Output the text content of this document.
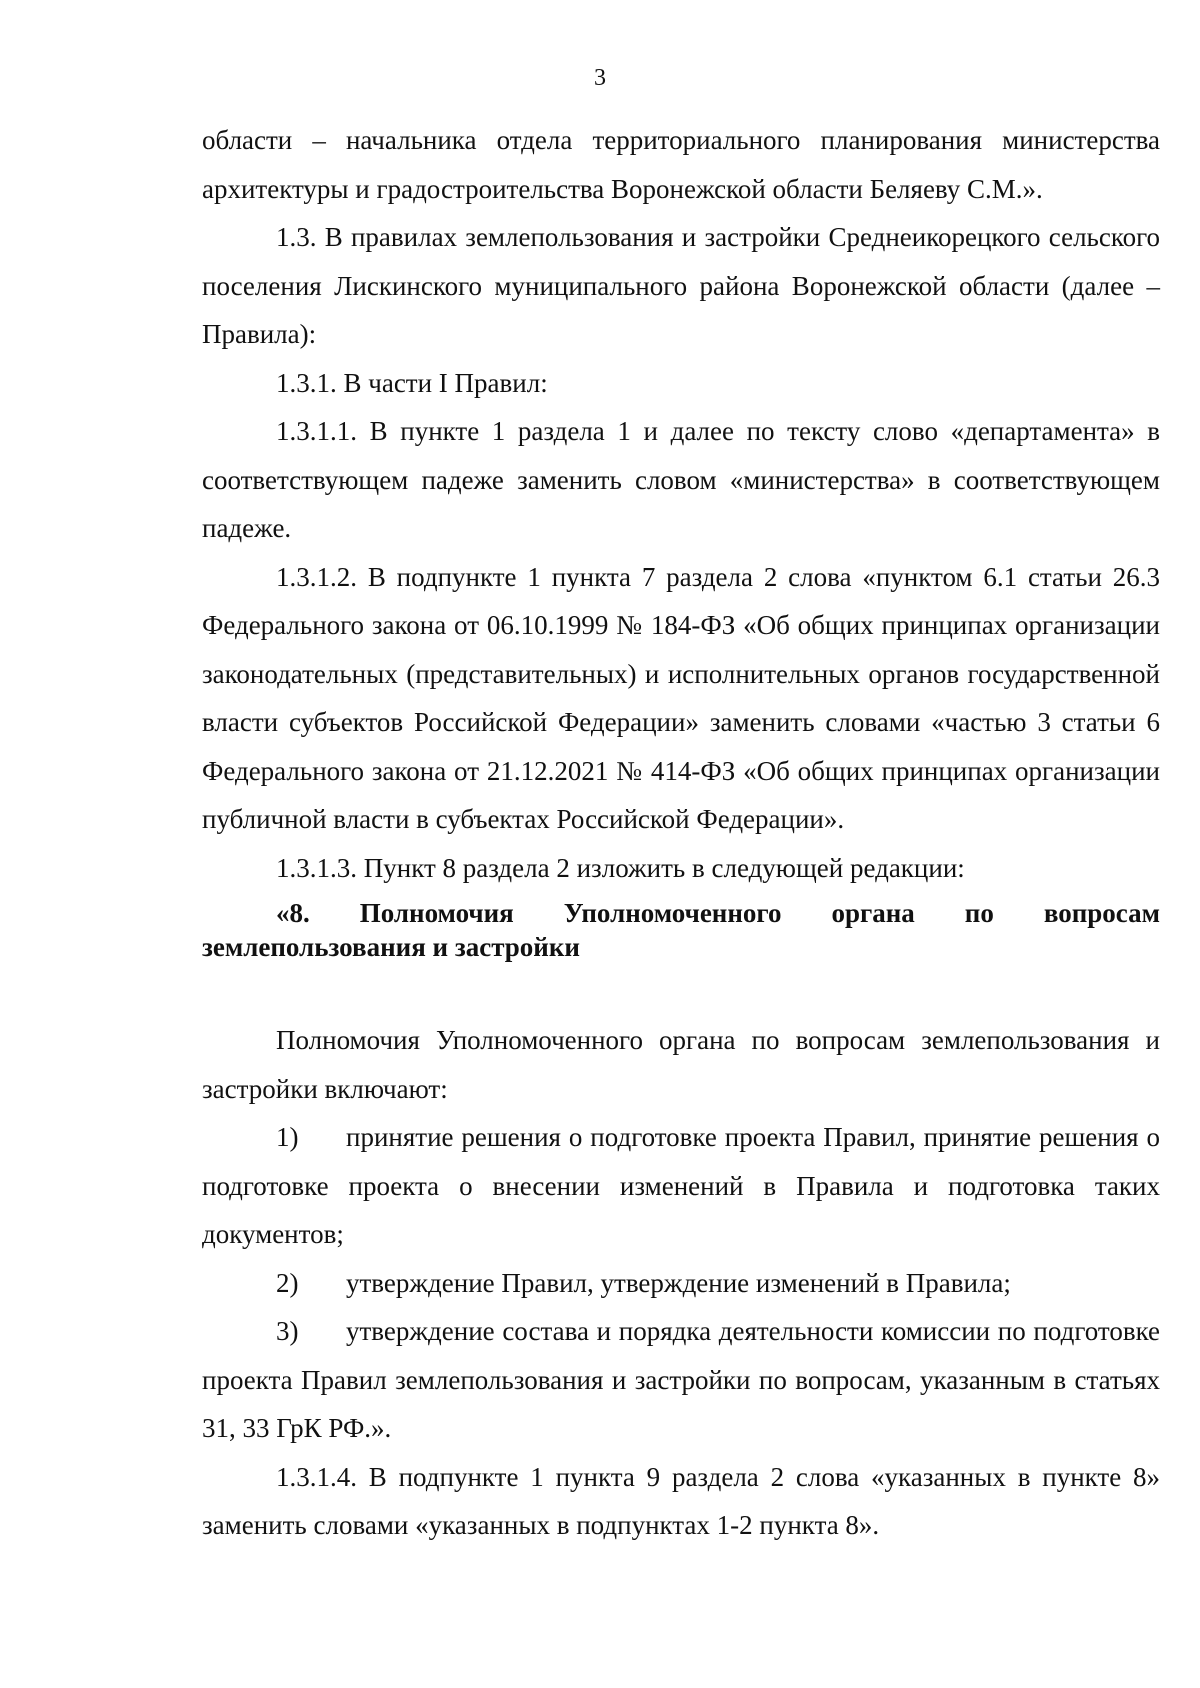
3

области – начальника отдела территориального планирования министерства архитектуры и градостроительства Воронежской области Беляеву С.М.».

1.3. В правилах землепользования и застройки Среднеикорецкого сельского поселения Лискинского муниципального района Воронежской области (далее – Правила):

1.3.1. В части I Правил:

1.3.1.1. В пункте 1 раздела 1 и далее по тексту слово «департамента» в соответствующем падеже заменить словом «министерства» в соответствующем падеже.

1.3.1.2. В подпункте 1 пункта 7 раздела 2 слова «пунктом 6.1 статьи 26.3 Федерального закона от 06.10.1999 № 184-ФЗ «Об общих принципах организации законодательных (представительных) и исполнительных органов государственной власти субъектов Российской Федерации» заменить словами «частью 3 статьи 6 Федерального закона от 21.12.2021 № 414-ФЗ «Об общих принципах организации публичной власти в субъектах Российской Федерации».

1.3.1.3. Пункт 8 раздела 2 изложить в следующей редакции:

«8. Полномочия Уполномоченного органа по вопросам землепользования и застройки

Полномочия Уполномоченного органа по вопросам землепользования и застройки включают:

1) принятие решения о подготовке проекта Правил, принятие решения о подготовке проекта о внесении изменений в Правила и подготовка таких документов;

2) утверждение Правил, утверждение изменений в Правила;

3) утверждение состава и порядка деятельности комиссии по подготовке проекта Правил землепользования и застройки по вопросам, указанным в статьях 31, 33 ГрК РФ.».

1.3.1.4. В подпункте 1 пункта 9 раздела 2 слова «указанных в пункте 8» заменить словами «указанных в подпунктах 1-2 пункта 8».
